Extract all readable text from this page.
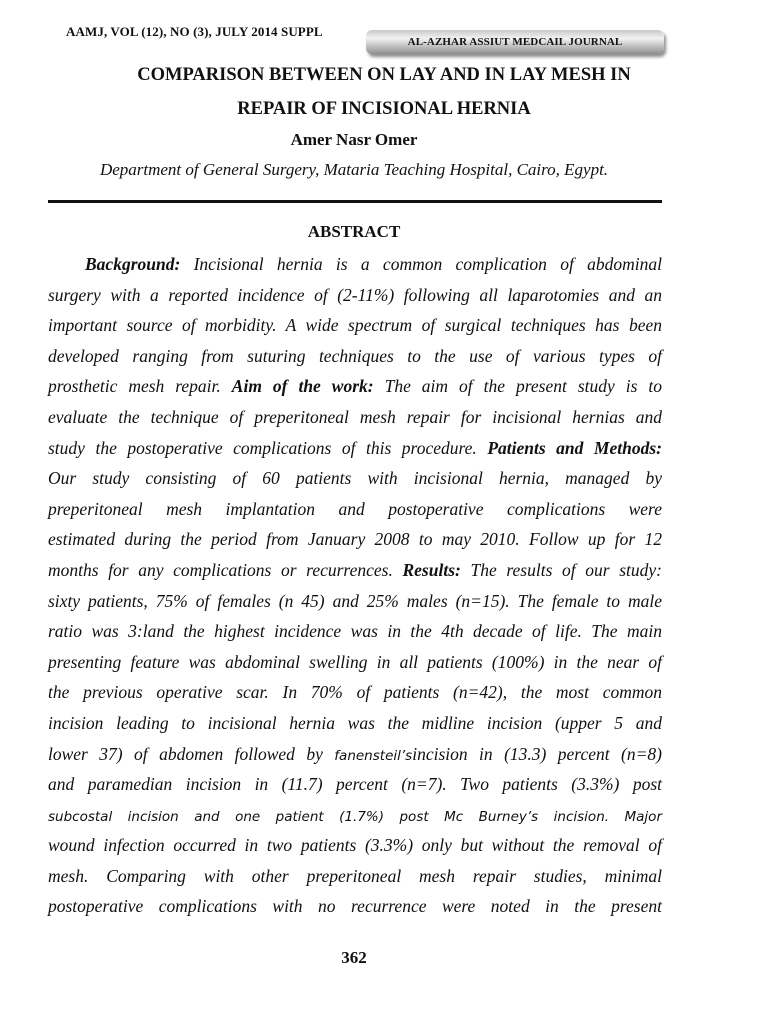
AAMJ, VOL (12), NO (3), JULY 2014 SUPPL
AL-AZHAR ASSIUT MEDCAIL JOURNAL
COMPARISON BETWEEN ON LAY AND IN LAY MESH IN
REPAIR OF INCISIONAL HERNIA
Amer Nasr Omer
Department of General Surgery, Mataria Teaching Hospital, Cairo, Egypt.
ABSTRACT
Background: Incisional hernia is a common complication of abdominal
surgery with a reported incidence of (2-11%) following all laparotomies and an
important source of morbidity. A wide spectrum of surgical techniques has been
developed ranging from suturing techniques to the use of various types of
prosthetic mesh repair. Aim of the work: The aim of the present study is to
evaluate the technique of preperitoneal mesh repair for incisional hernias and
study the postoperative complications of this procedure. Patients and Methods:
Our study consisting of 60 patients with incisional hernia, managed by
preperitoneal mesh implantation and postoperative complications were
estimated during the period from January 2008 to may 2010. Follow up for 12
months for any complications or recurrences. Results: The results of our study:
sixty patients, 75% of females (n 45) and 25% males (n=15). The female to male
ratio was 3:land the highest incidence was in the 4th decade of life. The main
presenting feature was abdominal swelling in all patients (100%) in the near of
the previous operative scar. In 70% of patients (n=42), the most common
incision leading to incisional hernia was the midline incision (upper 5 and
lower 37) of abdomen followed by fanensteil’sincision in (13.3) percent (n=8)
and paramedian incision in (11.7) percent (n=7). Two patients (3.3%) post
subcostal incision and one patient (1.7%) post Mc Burney’s incision. Major
wound infection occurred in two patients (3.3%) only but without the removal of
mesh. Comparing with other preperitoneal mesh repair studies, minimal
postoperative complications with no recurrence were noted in the present
362
